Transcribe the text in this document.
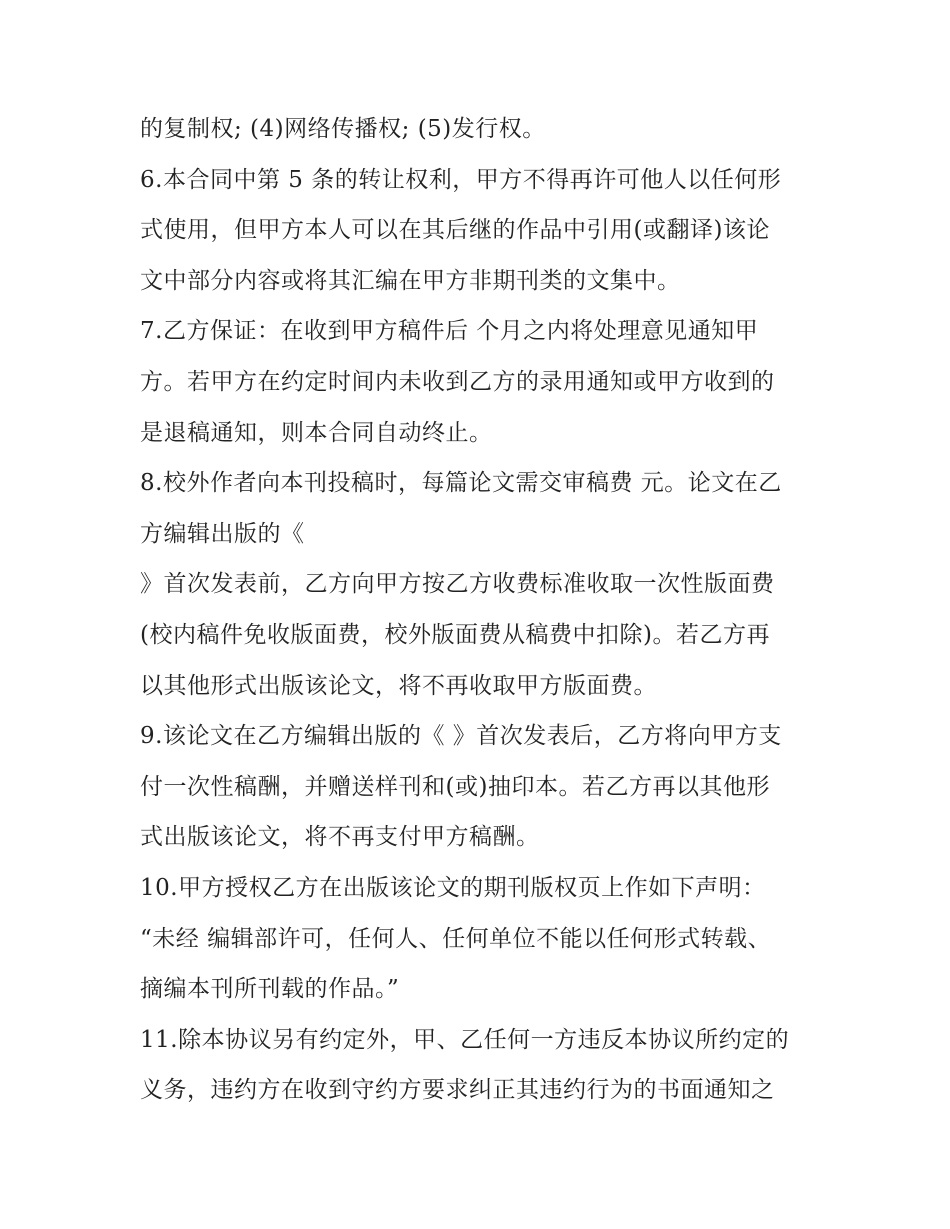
的复制权; (4)网络传播权; (5)发行权。
6.本合同中第 5 条的转让权利，甲方不得再许可他人以任何形
式使用，但甲方本人可以在其后继的作品中引用(或翻译)该论
文中部分内容或将其汇编在甲方非期刊类的文集中。
7.乙方保证：在收到甲方稿件后 个月之内将处理意见通知甲
方。若甲方在约定时间内未收到乙方的录用通知或甲方收到的
是退稿通知，则本合同自动终止。
8.校外作者向本刊投稿时，每篇论文需交审稿费 元。论文在乙
方编辑出版的《
》首次发表前，乙方向甲方按乙方收费标准收取一次性版面费
(校内稿件免收版面费，校外版面费从稿费中扣除)。若乙方再
以其他形式出版该论文，将不再收取甲方版面费。
9.该论文在乙方编辑出版的《 》首次发表后，乙方将向甲方支
付一次性稿酬，并赠送样刊和(或)抽印本。若乙方再以其他形
式出版该论文，将不再支付甲方稿酬。
10.甲方授权乙方在出版该论文的期刊版权页上作如下声明：
“未经 编辑部许可，任何人、任何单位不能以任何形式转载、
摘编本刊所刊载的作品。”
11.除本协议另有约定外，甲、乙任何一方违反本协议所约定的
义务，违约方在收到守约方要求纠正其违约行为的书面通知之
